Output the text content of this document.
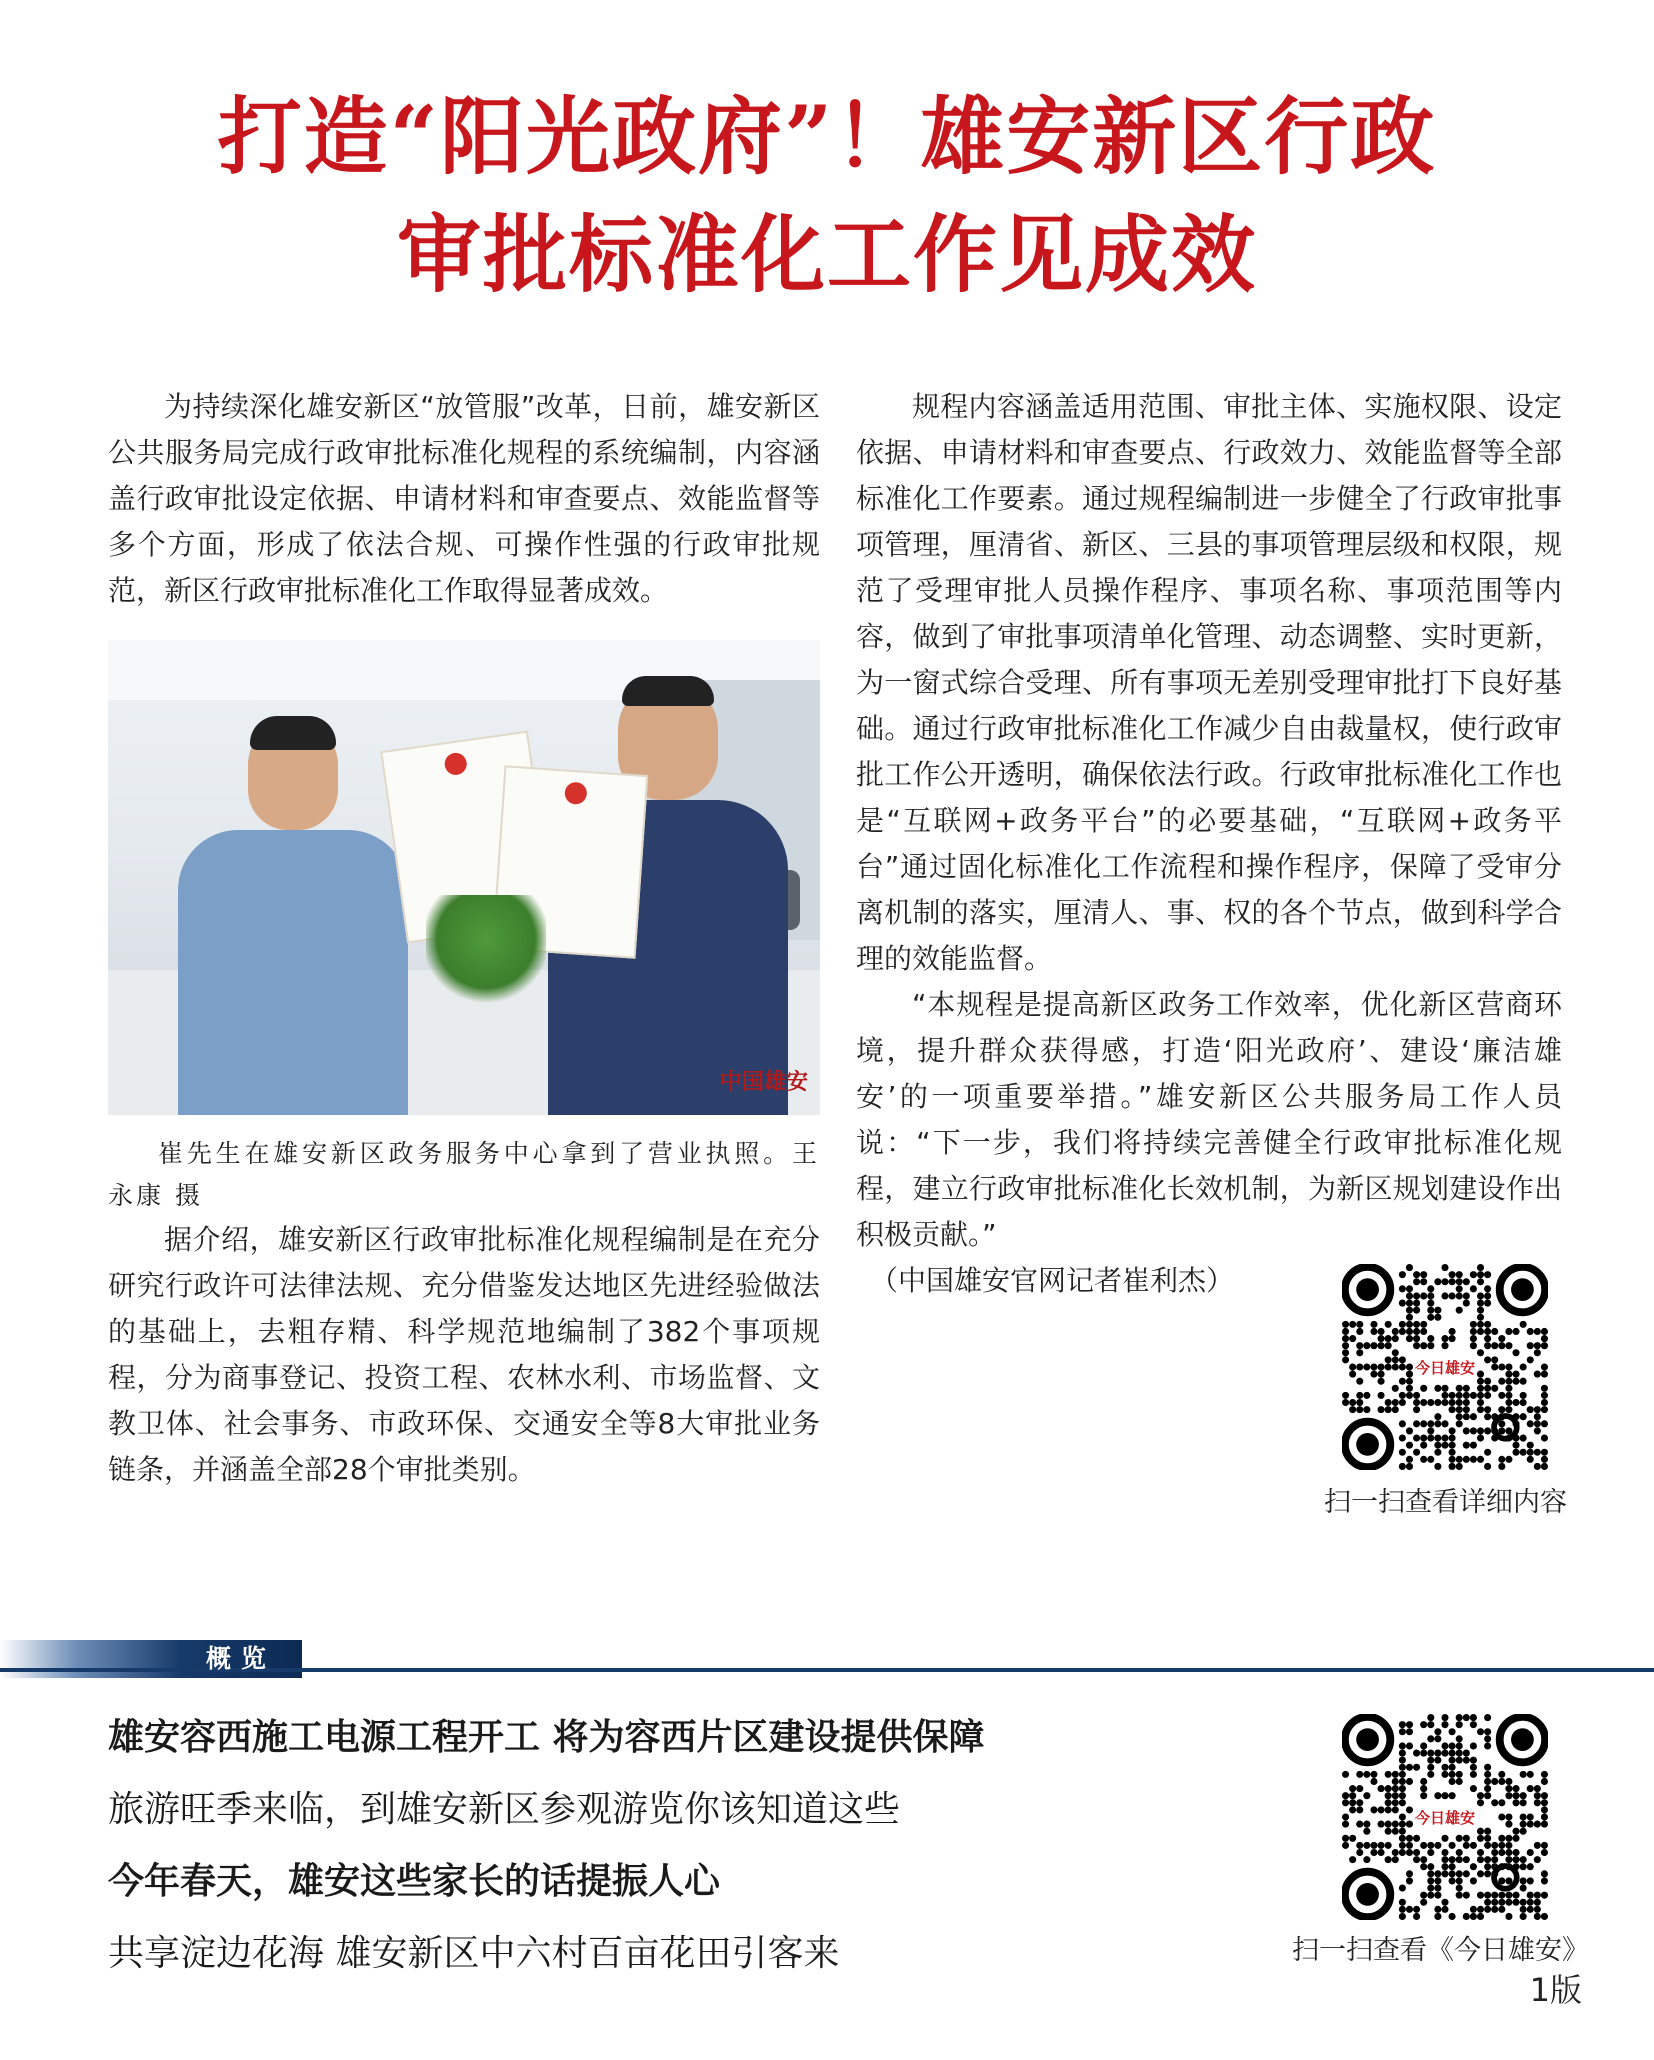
打造“阳光政府”！雄安新区行政
审批标准化工作见成效

为持续深化雄安新区“放管服”改革，日前，雄安新区公共服务局完成行政审批标准化规程的系统编制，内容涵盖行政审批设定依据、申请材料和审查要点、效能监督等多个方面，形成了依法合规、可操作性强的行政审批规范，新区行政审批标准化工作取得显著成效。

中国雄安
崔先生在雄安新区政务服务中心拿到了营业执照。王永康 摄

据介绍，雄安新区行政审批标准化规程编制是在充分研究行政许可法律法规、充分借鉴发达地区先进经验做法的基础上，去粗存精、科学规范地编制了382个事项规程，分为商事登记、投资工程、农林水利、市场监督、文教卫体、社会事务、市政环保、交通安全等8大审批业务链条，并涵盖全部28个审批类别。

规程内容涵盖适用范围、审批主体、实施权限、设定依据、申请材料和审查要点、行政效力、效能监督等全部标准化工作要素。通过规程编制进一步健全了行政审批事项管理，厘清省、新区、三县的事项管理层级和权限，规范了受理审批人员操作程序、事项名称、事项范围等内容，做到了审批事项清单化管理、动态调整、实时更新，为一窗式综合受理、所有事项无差别受理审批打下良好基础。通过行政审批标准化工作减少自由裁量权，使行政审批工作公开透明，确保依法行政。行政审批标准化工作也是“互联网+政务平台”的必要基础，“互联网+政务平台”通过固化标准化工作流程和操作程序，保障了受审分离机制的落实，厘清人、事、权的各个节点，做到科学合理的效能监督。

“本规程是提高新区政务工作效率，优化新区营商环境，提升群众获得感，打造‘阳光政府’、建设‘廉洁雄安’的一项重要举措。”雄安新区公共服务局工作人员说：“下一步，我们将持续完善健全行政审批标准化规程，建立行政审批标准化长效机制，为新区规划建设作出积极贡献。”

（中国雄安官网记者崔利杰）

今日雄安
扫一扫查看详细内容
概览
雄安容西施工电源工程开工 将为容西片区建设提供保障
旅游旺季来临，到雄安新区参观游览你该知道这些
今年春天，雄安这些家长的话提振人心
共享淀边花海 雄安新区中六村百亩花田引客来
今日雄安
扫一扫查看《今日雄安》
1版
